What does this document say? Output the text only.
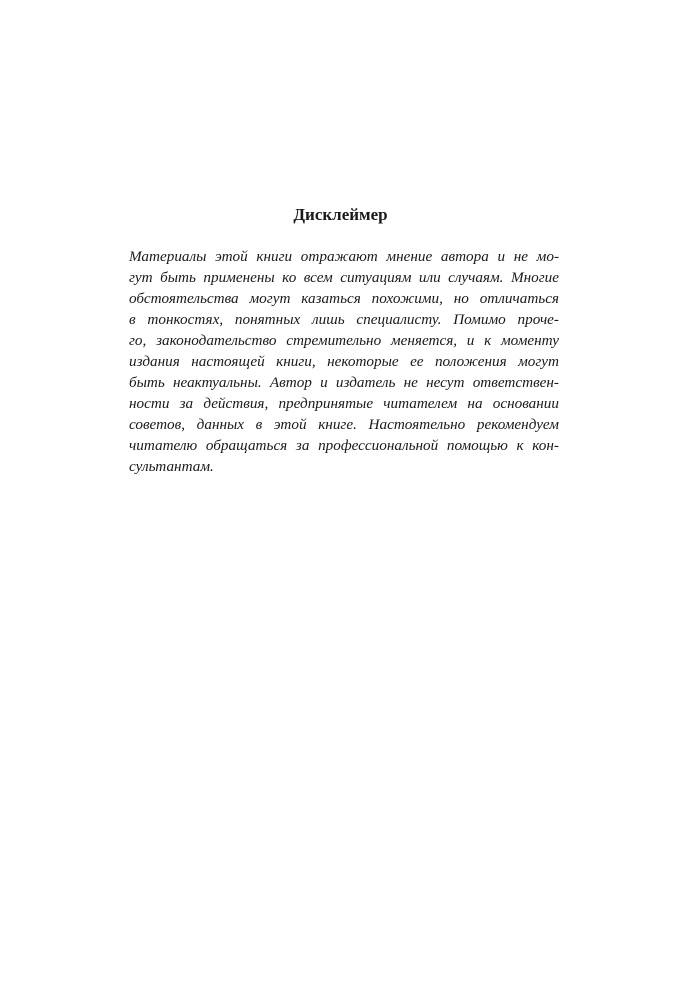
Дисклеймер
Материалы этой книги отражают мнение автора и не мо-
гут быть применены ко всем ситуациям или случаям. Многие
обстоятельства могут казаться похожими, но отличаться
в тонкостях, понятных лишь специалисту. Помимо проче-
го, законодательство стремительно меняется, и к моменту
издания настоящей книги, некоторые ее положения могут
быть неактуальны. Автор и издатель не несут ответствен-
ности за действия, предпринятые читателем на основании
советов, данных в этой книге. Настоятельно рекомендуем
читателю обращаться за профессиональной помощью к кон-
сультантам.
